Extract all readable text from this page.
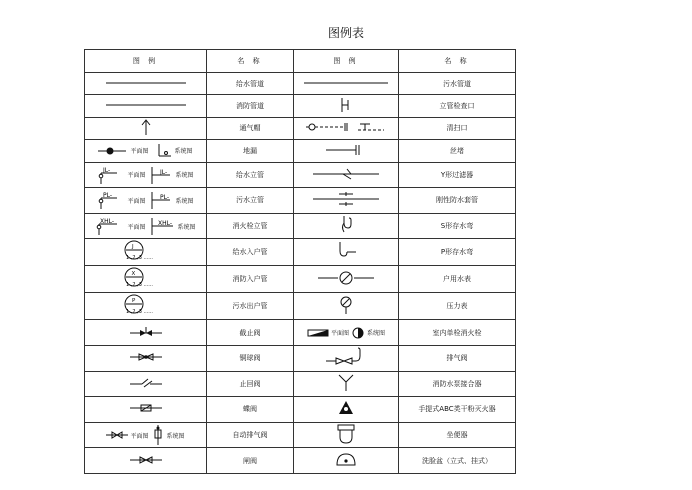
图例表
图 例	名 称	图 例	名 称
	给水管道		污水管道
	消防管道		立管检查口
	通气帽		清扫口

平面图 系统图	地漏		丝堵

JL-
平面图 JL- 系统图	给水立管		Y形过滤器

PL-
平面图 PL- 系统图	污水立管		刚性防水套管

XHL-
平面图 XHL- 系统图	消火栓立管		S形存水弯

J
1 ,2 ,3 ......	给水入户管		P形存水弯

X
1 ,2 ,3 ......	消防入户管		户用水表

P
1 ,2 ,3 ......	污水出户管		压力表
	截止阀	平面图 系统图	室内单栓消火栓
	铜球阀		排气阀
	止回阀		消防水泵接合器
	蝶阀		手提式ABC类干粉灭火器

平面图 系统图	自动排气阀		坐便器
	闸阀		洗脸盆（立式、挂式）
